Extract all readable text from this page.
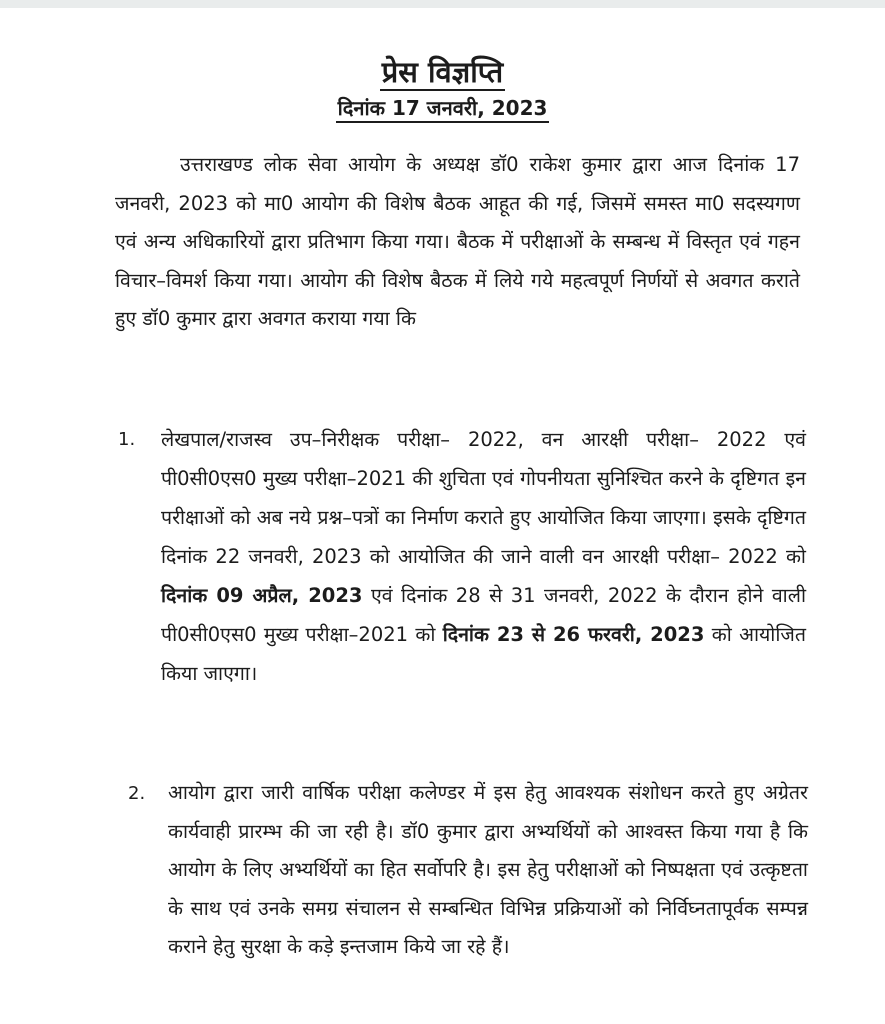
प्रेस विज्ञप्ति
दिनांक 17 जनवरी, 2023

उत्तराखण्ड लोक सेवा आयोग के अध्यक्ष डॉ0 राकेश कुमार द्वारा आज दिनांक 17 जनवरी, 2023 को मा0 आयोग की विशेष बैठक आहूत की गई, जिसमें समस्त मा0 सदस्यगण एवं अन्य अधिकारियों द्वारा प्रतिभाग किया गया। बैठक में परीक्षाओं के सम्बन्ध में विस्तृत एवं गहन विचार–विमर्श किया गया। आयोग की विशेष बैठक में लिये गये महत्वपूर्ण निर्णयों से अवगत कराते हुए डॉ0 कुमार द्वारा अवगत कराया गया कि

1. लेखपाल/राजस्व उप–निरीक्षक परीक्षा– 2022, वन आरक्षी परीक्षा– 2022 एवं पी0सी0एस0 मुख्य परीक्षा–2021 की शुचिता एवं गोपनीयता सुनिश्चित करने के दृष्टिगत इन परीक्षाओं को अब नये प्रश्न–पत्रों का निर्माण कराते हुए आयोजित किया जाएगा। इसके दृष्टिगत दिनांक 22 जनवरी, 2023 को आयोजित की जाने वाली वन आरक्षी परीक्षा– 2022 को दिनांक 09 अप्रैल, 2023 एवं दिनांक 28 से 31 जनवरी, 2022 के दौरान होने वाली पी0सी0एस0 मुख्य परीक्षा–2021 को दिनांक 23 से 26 फरवरी, 2023 को आयोजित किया जाएगा।

2. आयोग द्वारा जारी वार्षिक परीक्षा कलेण्डर में इस हेतु आवश्यक संशोधन करते हुए अग्रेतर कार्यवाही प्रारम्भ की जा रही है। डॉ0 कुमार द्वारा अभ्यर्थियों को आश्वस्त किया गया है कि आयोग के लिए अभ्यर्थियों का हित सर्वोपरि है। इस हेतु परीक्षाओं को निष्पक्षता एवं उत्कृष्टता के साथ एवं उनके समग्र संचालन से सम्बन्धित विभिन्न प्रक्रियाओं को निर्विघ्नतापूर्वक सम्पन्न कराने हेतु सुरक्षा के कड़े इन्तजाम किये जा रहे हैं।
